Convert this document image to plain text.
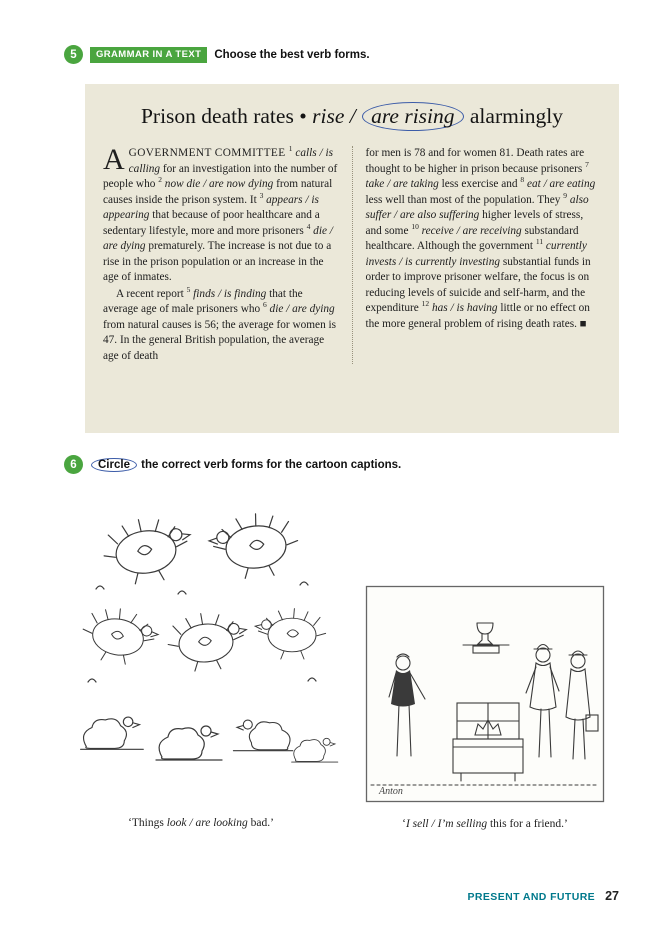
5	GRAMMAR IN A TEXT	Choose the best verb forms.
Prison death rates • rise / are rising alarmingly

AGOVERNMENT COMMITTEE $^1$ calls / is calling for an investigation into the number of people who $^2$ now die / are now dying from natural causes inside the prison system. It $^3$ appears / is appearing that because of poor healthcare and a sedentary lifestyle, more and more prisoners $^4$ die / are dying prematurely. The increase is not due to a rise in the prison population or an increase in the age of inmates.

A recent report $^5$ finds / is finding that the average age of male prisoners who $^6$ die / are dying from natural causes is 56; the average for women is 47. In the general British population, the average age of death

for men is 78 and for women 81. Death rates are thought to be higher in prison because prisoners $^7$ take / are taking less exercise and $^8$ eat / are eating less well than most of the population. They $^9$ also suffer / are also suffering higher levels of stress, and some $^{10}$ receive / are receiving substandard healthcare. Although the government $^{11}$ currently invests / is currently investing substantial funds in order to improve prisoner welfare, the focus is on reducing levels of suicide and self-harm, and the expenditure $^{12}$ has / is having little or no effect on the more general problem of rising death rates. ■

6	Circle the correct verb forms for the cartoon captions.
‘Things look / are looking bad.’
Anton
‘I sell / I’m selling this for a friend.’
PRESENT AND FUTURE 27
